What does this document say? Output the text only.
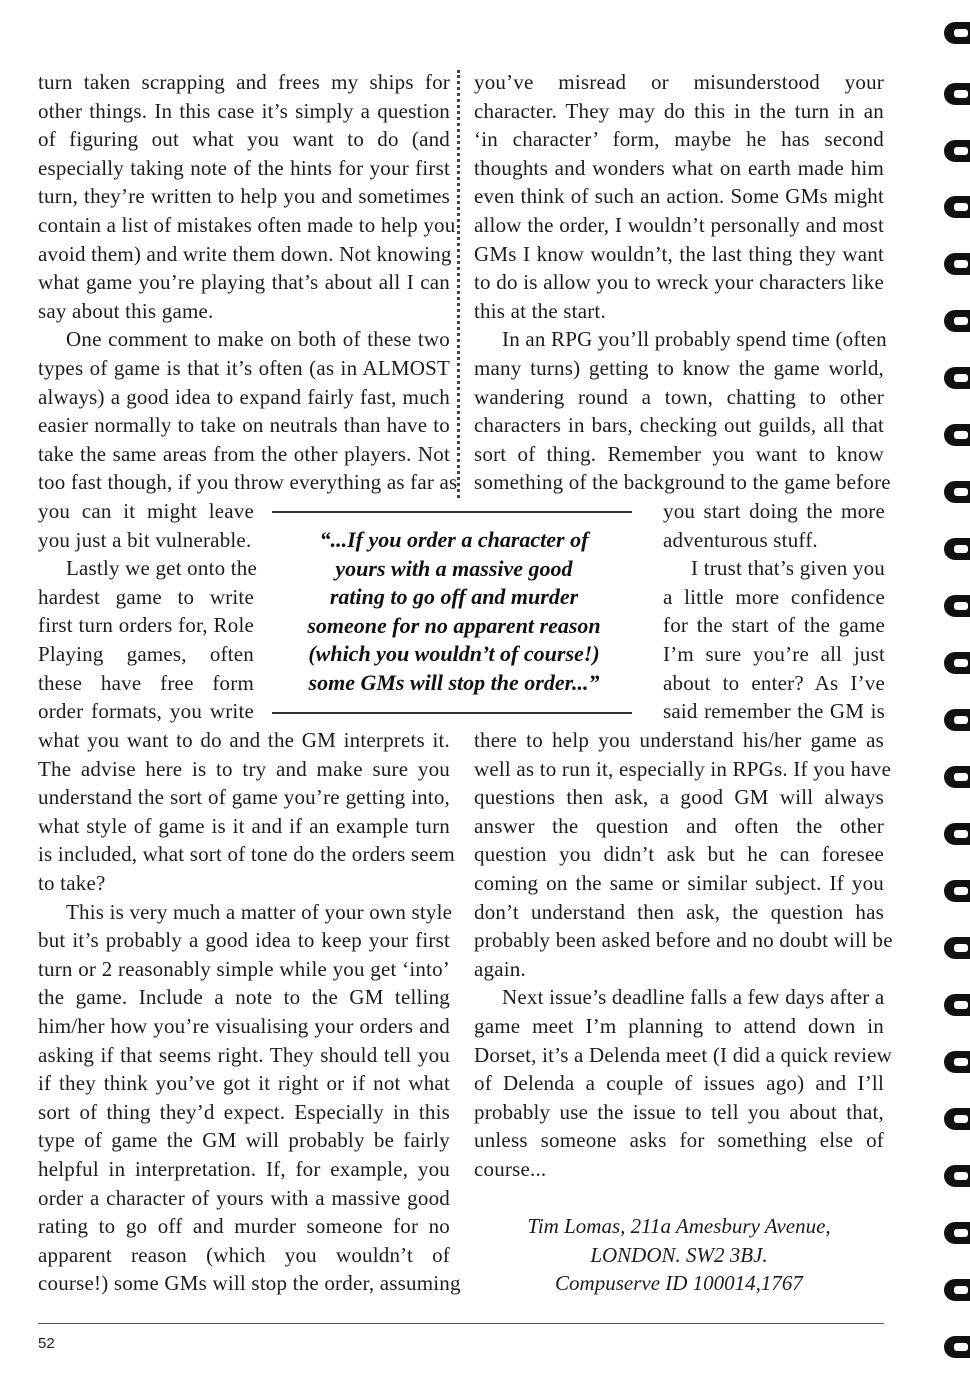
turn taken scrapping and frees my ships for
other things. In this case it’s simply a question
of figuring out what you want to do (and
especially taking note of the hints for your first
turn, they’re written to help you and sometimes
contain a list of mistakes often made to help you
avoid them) and write them down. Not knowing
what game you’re playing that’s about all I can
say about this game.
One comment to make on both of these two
types of game is that it’s often (as in ALMOST
always) a good idea to expand fairly fast, much
easier normally to take on neutrals than have to
take the same areas from the other players. Not
too fast though, if you throw everything as far as
you’ve misread or misunderstood your
character. They may do this in the turn in an
‘in character’ form, maybe he has second
thoughts and wonders what on earth made him
even think of such an action. Some GMs might
allow the order, I wouldn’t personally and most
GMs I know wouldn’t, the last thing they want
to do is allow you to wreck your characters like
this at the start.
In an RPG you’ll probably spend time (often
many turns) getting to know the game world,
wandering round a town, chatting to other
characters in bars, checking out guilds, all that
sort of thing. Remember you want to know
something of the background to the game before
you can it might leave
you just a bit vulnerable.
Lastly we get onto the
hardest game to write
first turn orders for, Role
Playing games, often
these have free form
order formats, you write
“...If you order a character of
yours with a massive good
rating to go off and murder
someone for no apparent reason
(which you wouldn’t of course!)
some GMs will stop the order...”
you start doing the more
adventurous stuff.
I trust that’s given you
a little more confidence
for the start of the game
I’m sure you’re all just
about to enter? As I’ve
said remember the GM is
what you want to do and the GM interprets it.
The advise here is to try and make sure you
understand the sort of game you’re getting into,
what style of game is it and if an example turn
is included, what sort of tone do the orders seem
to take?
This is very much a matter of your own style
but it’s probably a good idea to keep your first
turn or 2 reasonably simple while you get ‘into’
the game. Include a note to the GM telling
him/her how you’re visualising your orders and
asking if that seems right. They should tell you
if they think you’ve got it right or if not what
sort of thing they’d expect. Especially in this
type of game the GM will probably be fairly
helpful in interpretation. If, for example, you
order a character of yours with a massive good
rating to go off and murder someone for no
apparent reason (which you wouldn’t of
course!) some GMs will stop the order, assuming
there to help you understand his/her game as
well as to run it, especially in RPGs. If you have
questions then ask, a good GM will always
answer the question and often the other
question you didn’t ask but he can foresee
coming on the same or similar subject. If you
don’t understand then ask, the question has
probably been asked before and no doubt will be
again.
Next issue’s deadline falls a few days after a
game meet I’m planning to attend down in
Dorset, it’s a Delenda meet (I did a quick review
of Delenda a couple of issues ago) and I’ll
probably use the issue to tell you about that,
unless someone asks for something else of
course...
Tim Lomas, 211a Amesbury Avenue,
LONDON. SW2 3BJ.
Compuserve ID 100014,1767
52
